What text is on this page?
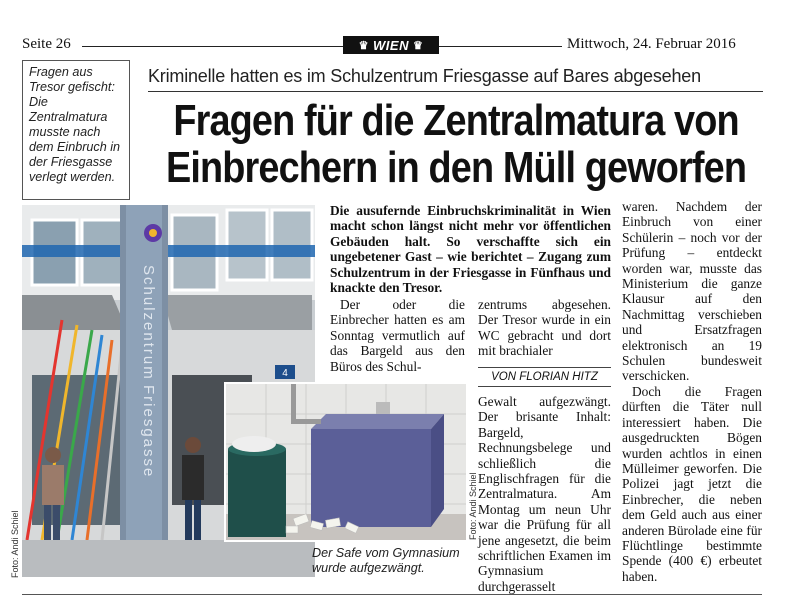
Seite 26	♛ WIEN ♛	Mittwoch, 24. Februar 2016

Fragen aus Tresor gefischt: Die Zentralmatura musste nach dem Einbruch in der Friesgasse verlegt werden.

Kriminelle hatten es im Schulzentrum Friesgasse auf Bares abgesehen
Fragen für die Zentralmatura von
Einbrechern in den Müll geworfen
Schulzentrum
Friesgasse
4
Foto: Andi Schiel
Foto: Andi Schiel
Der Safe vom Gymnasium wurde aufgezwängt.
Die ausufernde Einbruchskriminalität in Wien macht schon längst nicht mehr vor öffentlichen Gebäuden halt. So verschaffte sich ein ungebetener Gast – wie berichtet – Zugang zum Schulzentrum in der Friesgasse in Fünfhaus und knackte den Tresor.

Der oder die Einbrecher hatten es am Sonntag vermutlich auf das Bargeld aus den Büros des Schul-

zentrums abgesehen. Der Tresor wurde in ein WC gebracht und dort mit brachialer

VON FLORIAN HITZ

Gewalt aufgezwängt. Der brisante Inhalt: Bargeld, Rechnungsbelege und schließlich die Englischfragen für die Zentralmatura. Am Montag um neun Uhr war die Prüfung für all jene angesetzt, die beim schriftlichen Examen im Gymnasium durchgerasselt

waren. Nachdem der Einbruch von einer Schülerin – noch vor der Prüfung – entdeckt worden war, musste das Ministerium die ganze Klausur auf den Nachmittag verschieben und Ersatzfragen elektronisch an 19 Schulen bundesweit verschicken.

Doch die Fragen dürften die Täter null interessiert haben. Die ausgedruckten Bögen wurden achtlos in einen Mülleimer geworfen. Die Polizei jagt jetzt die Einbrecher, die neben dem Geld auch aus einer anderen Bürolade eine für Flüchtlinge bestimmte Spende (400 €) erbeutet haben.
